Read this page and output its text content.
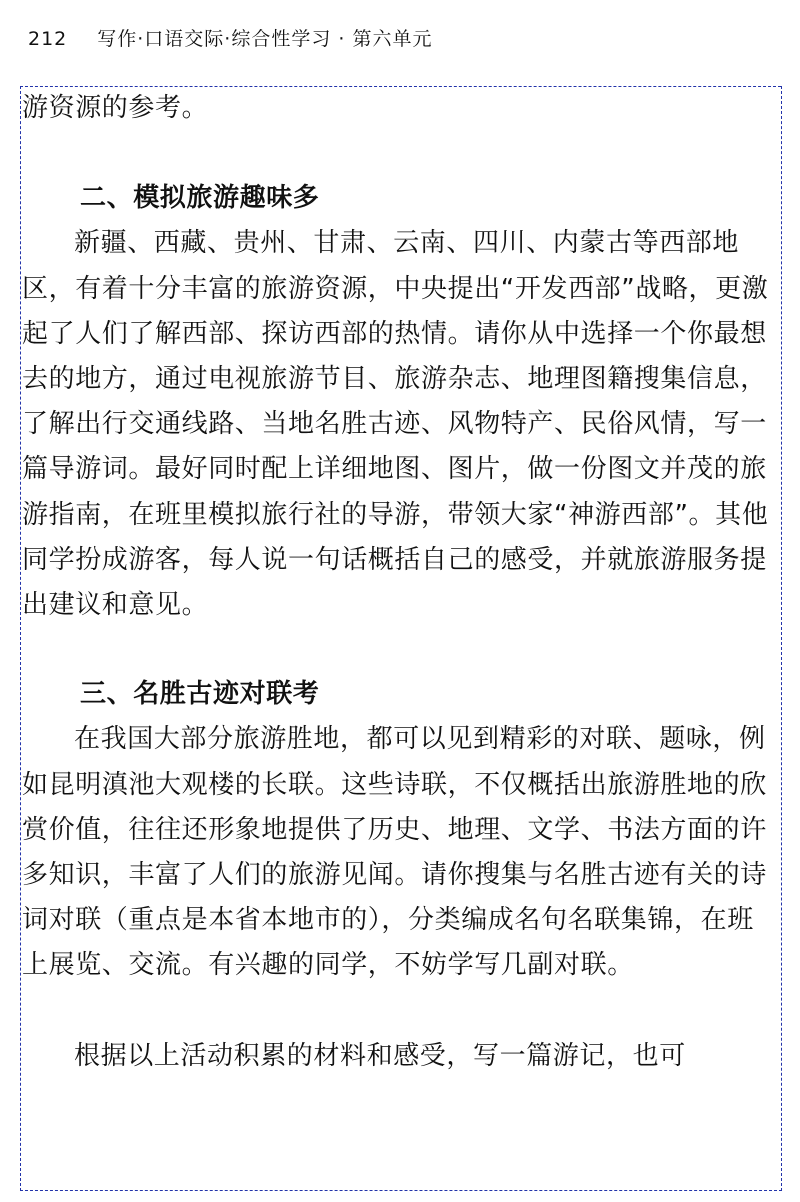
212 写作·口语交际·综合性学习 · 第六单元

游资源的参考。

二、模拟旅游趣味多

新疆、西藏、贵州、甘肃、云南、四川、内蒙古等西部地区，有着十分丰富的旅游资源，中央提出“开发西部”战略，更激起了人们了解西部、探访西部的热情。请你从中选择一个你最想去的地方，通过电视旅游节目、旅游杂志、地理图籍搜集信息，了解出行交通线路、当地名胜古迹、风物特产、民俗风情，写一篇导游词。最好同时配上详细地图、图片，做一份图文并茂的旅游指南，在班里模拟旅行社的导游，带领大家“神游西部”。其他同学扮成游客，每人说一句话概括自己的感受，并就旅游服务提出建议和意见。

三、名胜古迹对联考

在我国大部分旅游胜地，都可以见到精彩的对联、题咏，例如昆明滇池大观楼的长联。这些诗联，不仅概括出旅游胜地的欣赏价值，往往还形象地提供了历史、地理、文学、书法方面的许多知识，丰富了人们的旅游见闻。请你搜集与名胜古迹有关的诗词对联（重点是本省本地市的），分类编成名句名联集锦，在班上展览、交流。有兴趣的同学，不妨学写几副对联。

根据以上活动积累的材料和感受，写一篇游记，也可
